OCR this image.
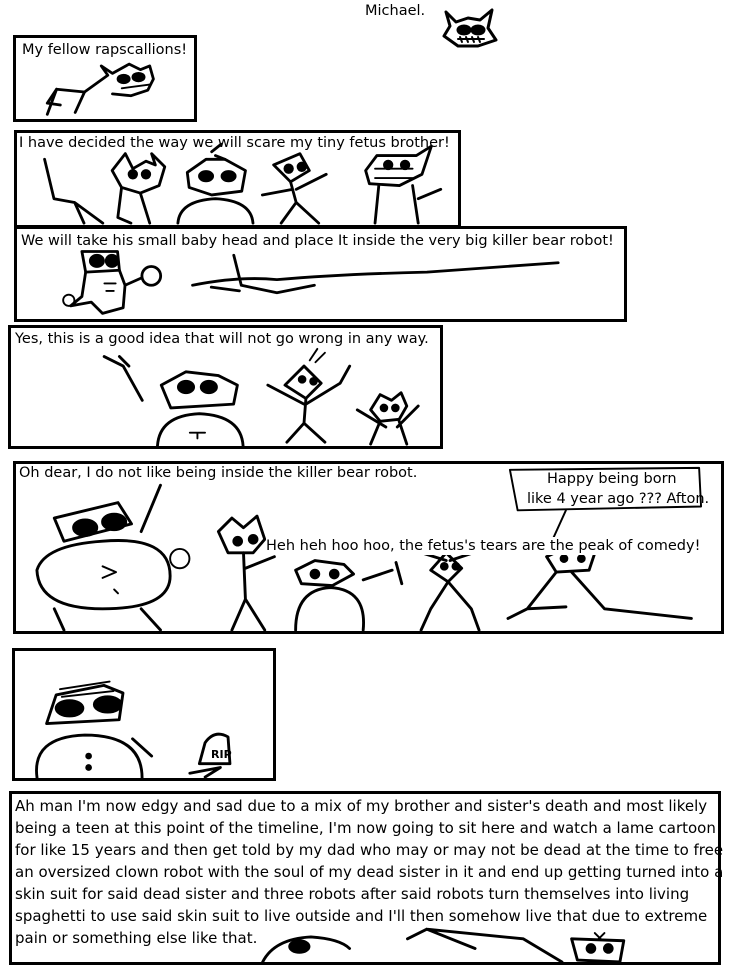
Michael.
My fellow rapscallions!
I have decided the way we will scare my tiny fetus brother!
We will take his small baby head and place It inside the very big killer bear robot!
Yes, this is a good idea that will not go wrong in any way.
Oh dear, I do not like being inside the killer bear robot.	Happy being born
like 4 year ago ??? Afton.
Heh heh hoo hoo, the fetus's tears are the peak of comedy!
RIP
Ah man I'm now edgy and sad due to a mix of my brother and sister's death and most likely
being a teen at this point of the timeline, I'm now going to sit here and watch a lame cartoon
for like 15 years and then get told by my dad who may or may not be dead at the time to free
an oversized clown robot with the soul of my dead sister in it and end up getting turned into a
skin suit for said dead sister and three robots after said robots turn themselves into living
spaghetti to use said skin suit to live outside and I'll then somehow live that due to extreme
pain or something else like that.
